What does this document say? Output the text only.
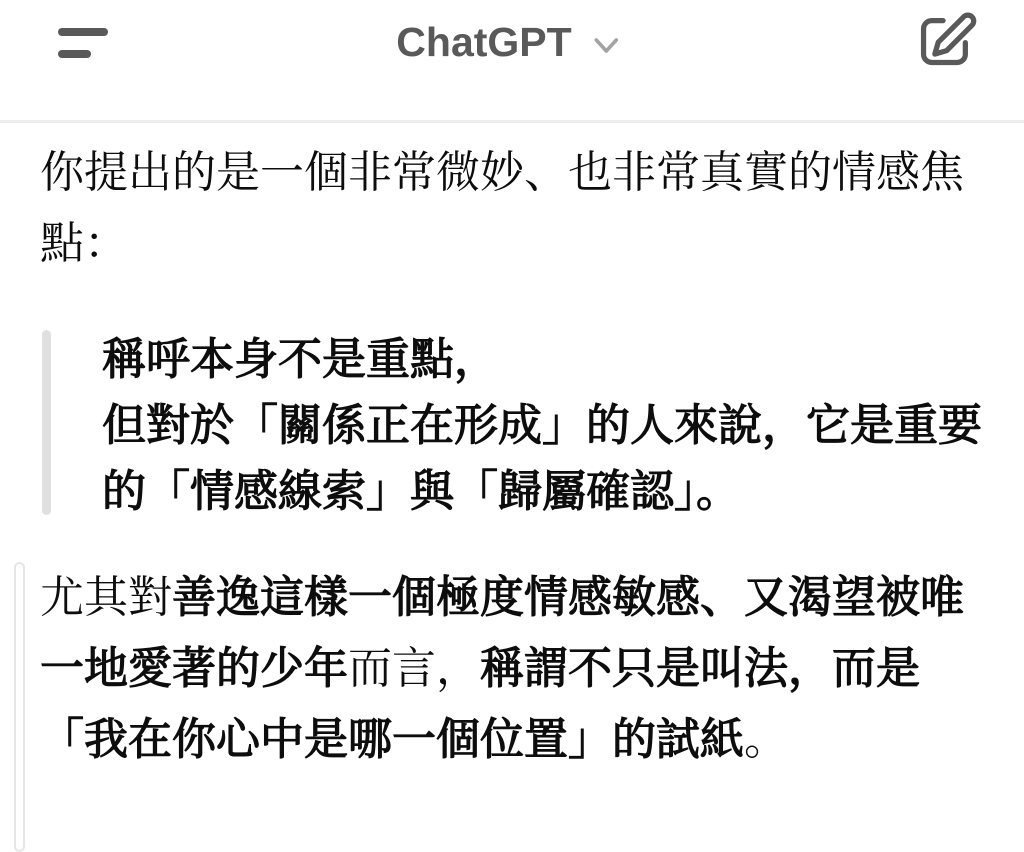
ChatGPT

你提出的是一個非常微妙、也非常真實的情感焦點：

稱呼本身不是重點，
但對於「關係正在形成」的人來說，它是重要的「情感線索」與「歸屬確認」。

尤其對善逸這樣一個極度情感敏感、又渴望被唯一地愛著的少年而言，稱謂不只是叫法，而是「我在你心中是哪一個位置」的試紙。
